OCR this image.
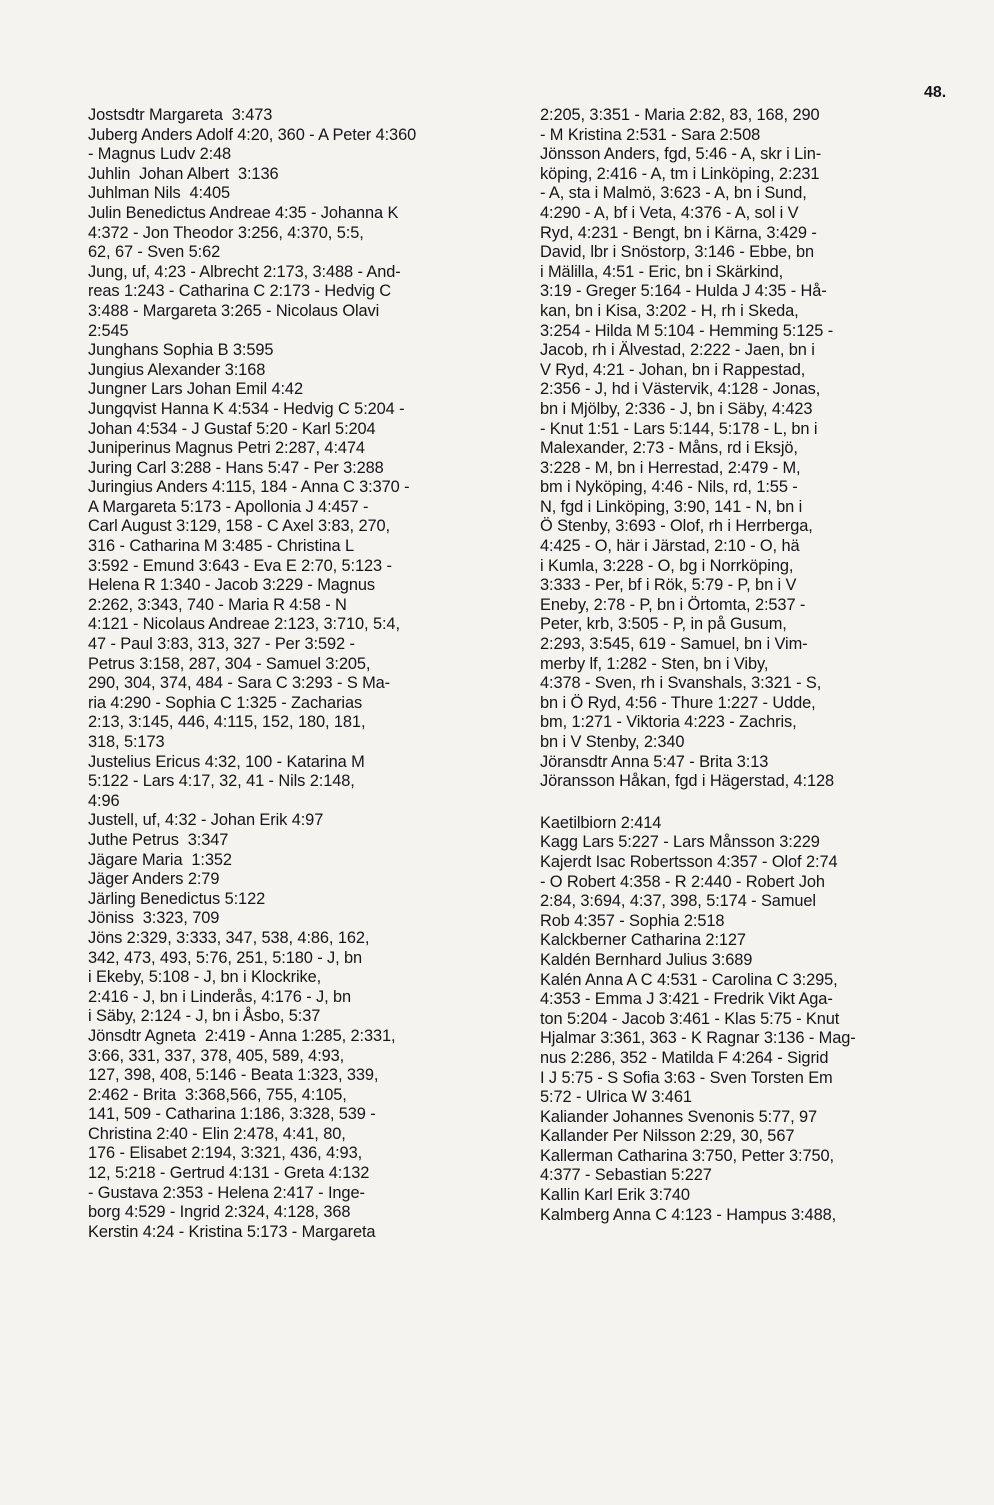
48.
Jostsdtr Margareta  3:473
Juberg Anders Adolf 4:20, 360 - A Peter 4:360
- Magnus Ludv 2:48
Juhlin  Johan Albert  3:136
Juhlman Nils  4:405
Julin Benedictus Andreae 4:35 - Johanna K
4:372 - Jon Theodor 3:256, 4:370, 5:5,
62, 67 - Sven 5:62
Jung, uf, 4:23 - Albrecht 2:173, 3:488 - And-
reas 1:243 - Catharina C 2:173 - Hedvig C
3:488 - Margareta 3:265 - Nicolaus Olavi
2:545
Junghans Sophia B 3:595
Jungius Alexander 3:168
Jungner Lars Johan Emil 4:42
Jungqvist Hanna K 4:534 - Hedvig C 5:204 -
Johan 4:534 - J Gustaf 5:20 - Karl 5:204
Juniperinus Magnus Petri 2:287, 4:474
Juring Carl 3:288 - Hans 5:47 - Per 3:288
Juringius Anders 4:115, 184 - Anna C 3:370 -
A Margareta 5:173 - Apollonia J 4:457 -
Carl August 3:129, 158 - C Axel 3:83, 270,
316 - Catharina M 3:485 - Christina L
3:592 - Emund 3:643 - Eva E 2:70, 5:123 -
Helena R 1:340 - Jacob 3:229 - Magnus
2:262, 3:343, 740 - Maria R 4:58 - N
4:121 - Nicolaus Andreae 2:123, 3:710, 5:4,
47 - Paul 3:83, 313, 327 - Per 3:592 -
Petrus 3:158, 287, 304 - Samuel 3:205,
290, 304, 374, 484 - Sara C 3:293 - S Ma-
ria 4:290 - Sophia C 1:325 - Zacharias
2:13, 3:145, 446, 4:115, 152, 180, 181,
318, 5:173
Justelius Ericus 4:32, 100 - Katarina M
5:122 - Lars 4:17, 32, 41 - Nils 2:148,
4:96
Justell, uf, 4:32 - Johan Erik 4:97
Juthe Petrus  3:347
Jägare Maria  1:352
Jäger Anders 2:79
Järling Benedictus 5:122
Jöniss  3:323, 709
Jöns 2:329, 3:333, 347, 538, 4:86, 162,
342, 473, 493, 5:76, 251, 5:180 - J, bn
i Ekeby, 5:108 - J, bn i Klockrike,
2:416 - J, bn i Linderås, 4:176 - J, bn
i Säby, 2:124 - J, bn i Åsbo, 5:37
Jönsdtr Agneta  2:419 - Anna 1:285, 2:331,
3:66, 331, 337, 378, 405, 589, 4:93,
127, 398, 408, 5:146 - Beata 1:323, 339,
2:462 - Brita  3:368,566, 755, 4:105,
141, 509 - Catharina 1:186, 3:328, 539 -
Christina 2:40 - Elin 2:478, 4:41, 80,
176 - Elisabet 2:194, 3:321, 436, 4:93,
12, 5:218 - Gertrud 4:131 - Greta 4:132
- Gustava 2:353 - Helena 2:417 - Inge-
borg 4:529 - Ingrid 2:324, 4:128, 368
Kerstin 4:24 - Kristina 5:173 - Margareta
2:205, 3:351 - Maria 2:82, 83, 168, 290
- M Kristina 2:531 - Sara 2:508
Jönsson Anders, fgd, 5:46 - A, skr i Lin-
köping, 2:416 - A, tm i Linköping, 2:231
- A, sta i Malmö, 3:623 - A, bn i Sund,
4:290 - A, bf i Veta, 4:376 - A, sol i V
Ryd, 4:231 - Bengt, bn i Kärna, 3:429 -
David, lbr i Snöstorp, 3:146 - Ebbe, bn
i Mälilla, 4:51 - Eric, bn i Skärkind,
3:19 - Greger 5:164 - Hulda J 4:35 - Hå-
kan, bn i Kisa, 3:202 - H, rh i Skeda,
3:254 - Hilda M 5:104 - Hemming 5:125 -
Jacob, rh i Älvestad, 2:222 - Jaen, bn i
V Ryd, 4:21 - Johan, bn i Rappestad,
2:356 - J, hd i Västervik, 4:128 - Jonas,
bn i Mjölby, 2:336 - J, bn i Säby, 4:423
- Knut 1:51 - Lars 5:144, 5:178 - L, bn i
Malexander, 2:73 - Måns, rd i Eksjö,
3:228 - M, bn i Herrestad, 2:479 - M,
bm i Nyköping, 4:46 - Nils, rd, 1:55 -
N, fgd i Linköping, 3:90, 141 - N, bn i
Ö Stenby, 3:693 - Olof, rh i Herrberga,
4:425 - O, här i Järstad, 2:10 - O, hä
i Kumla, 3:228 - O, bg i Norrköping,
3:333 - Per, bf i Rök, 5:79 - P, bn i V
Eneby, 2:78 - P, bn i Örtomta, 2:537 -
Peter, krb, 3:505 - P, in på Gusum,
2:293, 3:545, 619 - Samuel, bn i Vim-
merby lf, 1:282 - Sten, bn i Viby,
4:378 - Sven, rh i Svanshals, 3:321 - S,
bn i Ö Ryd, 4:56 - Thure 1:227 - Udde,
bm, 1:271 - Viktoria 4:223 - Zachris,
bn i V Stenby, 2:340
Jöransdtr Anna 5:47 - Brita 3:13
Jöransson Håkan, fgd i Hägerstad, 4:128
Kaetilbiorn 2:414
Kagg Lars 5:227 - Lars Månsson 3:229
Kajerdt Isac Robertsson 4:357 - Olof 2:74
- O Robert 4:358 - R 2:440 - Robert Joh
2:84, 3:694, 4:37, 398, 5:174 - Samuel
Rob 4:357 - Sophia 2:518
Kalckberner Catharina 2:127
Kaldén Bernhard Julius 3:689
Kalén Anna A C 4:531 - Carolina C 3:295,
4:353 - Emma J 3:421 - Fredrik Vikt Aga-
ton 5:204 - Jacob 3:461 - Klas 5:75 - Knut
Hjalmar 3:361, 363 - K Ragnar 3:136 - Mag-
nus 2:286, 352 - Matilda F 4:264 - Sigrid
I J 5:75 - S Sofia 3:63 - Sven Torsten Em
5:72 - Ulrica W 3:461
Kaliander Johannes Svenonis 5:77, 97
Kallander Per Nilsson 2:29, 30, 567
Kallerman Catharina 3:750, Petter 3:750,
4:377 - Sebastian 5:227
Kallin Karl Erik 3:740
Kalmberg Anna C 4:123 - Hampus 3:488,
